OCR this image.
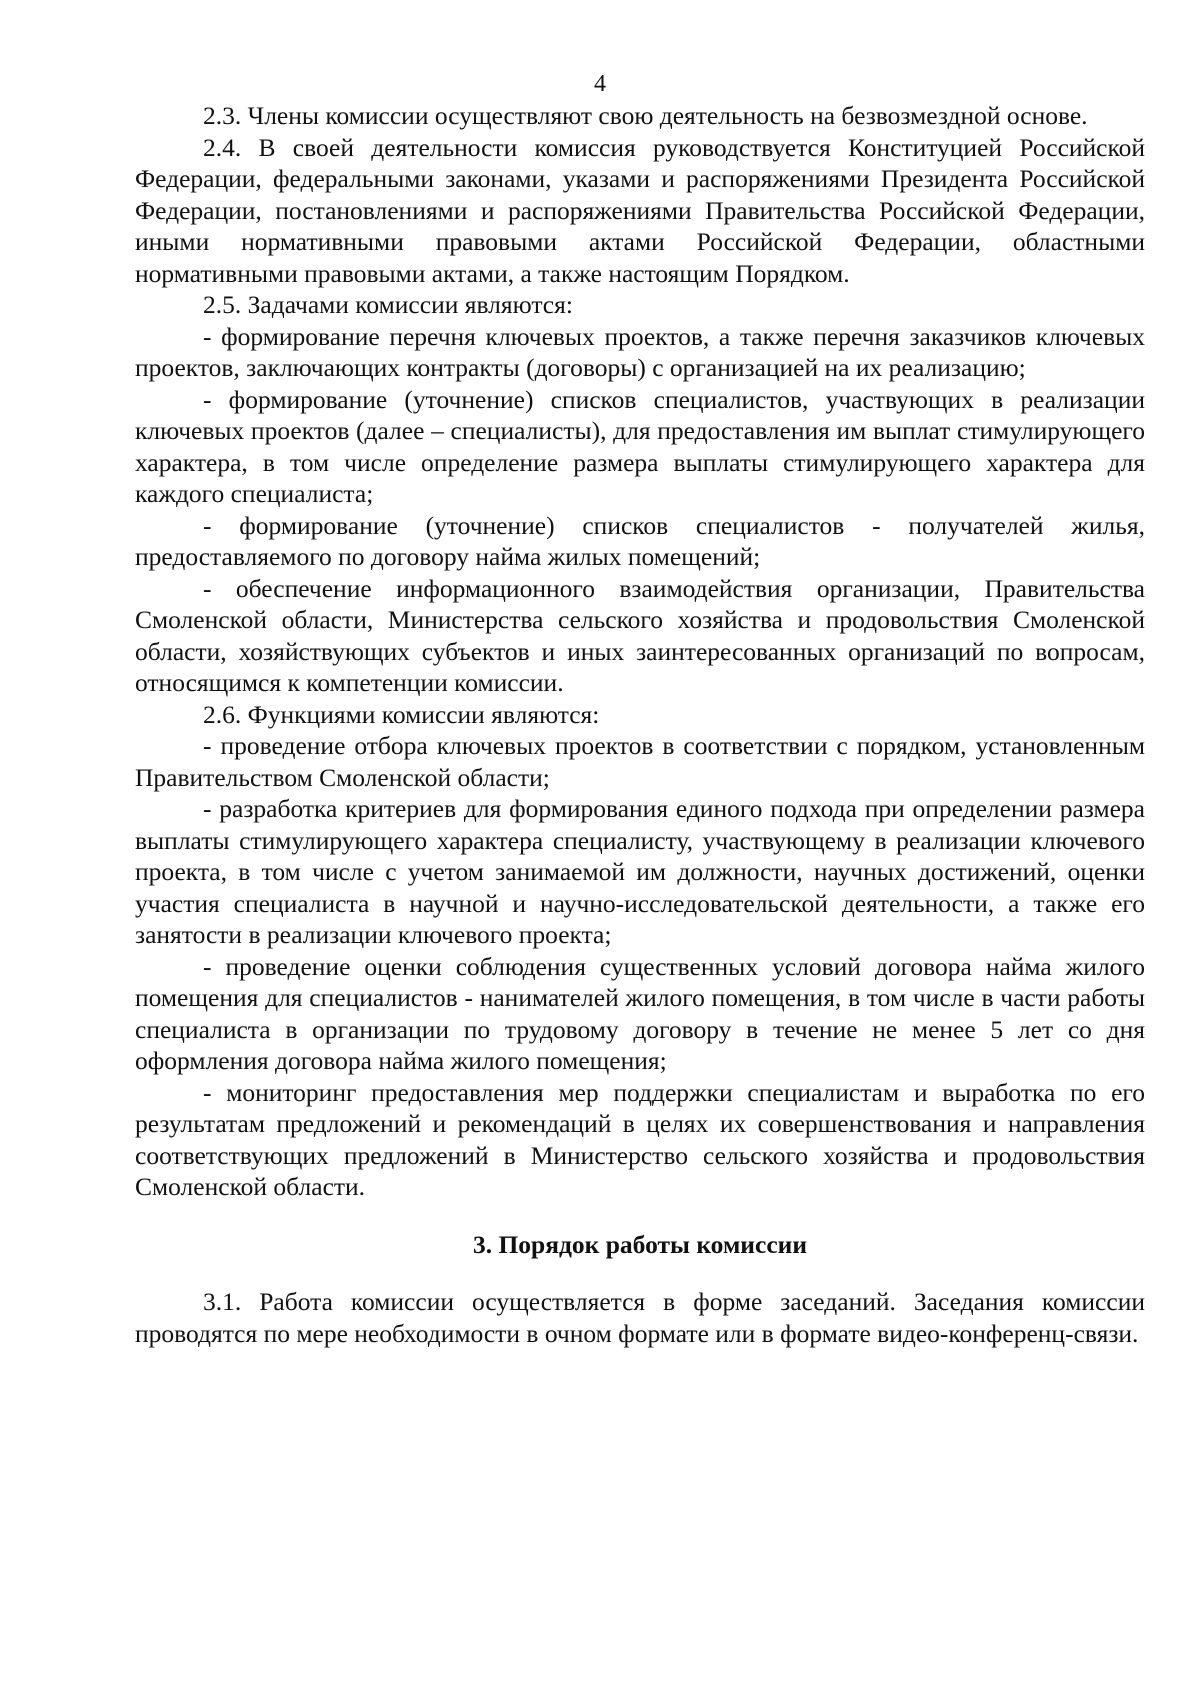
4

2.3. Члены комиссии осуществляют свою деятельность на безвозмездной основе.

2.4. В своей деятельности комиссия руководствуется Конституцией Российской Федерации, федеральными законами, указами и распоряжениями Президента Российской Федерации, постановлениями и распоряжениями Правительства Российской Федерации, иными нормативными правовыми актами Российской Федерации, областными нормативными правовыми актами, а также настоящим Порядком.

2.5. Задачами комиссии являются:

- формирование перечня ключевых проектов, а также перечня заказчиков ключевых проектов, заключающих контракты (договоры) с организацией на их реализацию;

- формирование (уточнение) списков специалистов, участвующих в реализации ключевых проектов (далее – специалисты), для предоставления им выплат стимулирующего характера, в том числе определение размера выплаты стимулирующего характера для каждого специалиста;

- формирование (уточнение) списков специалистов - получателей жилья, предоставляемого по договору найма жилых помещений;

- обеспечение информационного взаимодействия организации, Правительства Смоленской области, Министерства сельского хозяйства и продовольствия Смоленской области, хозяйствующих субъектов и иных заинтересованных организаций по вопросам, относящимся к компетенции комиссии.

2.6. Функциями комиссии являются:

- проведение отбора ключевых проектов в соответствии с порядком, установленным Правительством Смоленской области;

- разработка критериев для формирования единого подхода при определении размера выплаты стимулирующего характера специалисту, участвующему в реализации ключевого проекта, в том числе с учетом занимаемой им должности, научных достижений, оценки участия специалиста в научной и научно-исследовательской деятельности, а также его занятости в реализации ключевого проекта;

- проведение оценки соблюдения существенных условий договора найма жилого помещения для специалистов - нанимателей жилого помещения, в том числе в части работы специалиста в организации по трудовому договору в течение не менее 5 лет со дня оформления договора найма жилого помещения;

- мониторинг предоставления мер поддержки специалистам и выработка по его результатам предложений и рекомендаций в целях их совершенствования и направления соответствующих предложений в Министерство сельского хозяйства и продовольствия Смоленской области.

3. Порядок работы комиссии

3.1. Работа комиссии осуществляется в форме заседаний. Заседания комиссии проводятся по мере необходимости в очном формате или в формате видео-конференц-связи.
